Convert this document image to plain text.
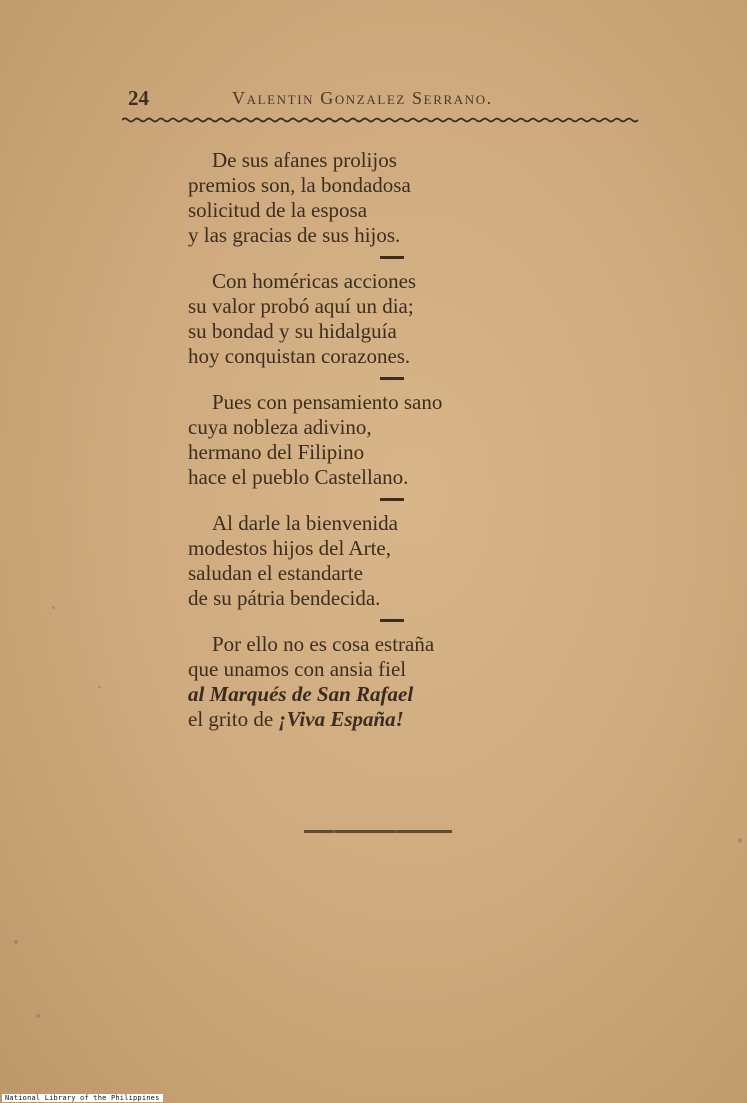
24	Valentin Gonzalez Serrano.
De sus afanes prolijos
premios son, la bondadosa
solicitud de la esposa
y las gracias de sus hijos.
Con homéricas acciones
su valor probó aquí un dia;
su bondad y su hidalguía
hoy conquistan corazones.
Pues con pensamiento sano
cuya nobleza adivino,
hermano del Filipino
hace el pueblo Castellano.
Al darle la bienvenida
modestos hijos del Arte,
saludan el estandarte
de su pátria bendecida.
Por ello no es cosa estraña
que unamos con ansia fiel
al Marqués de San Rafael
el grito de ¡Viva España!
National Library of the Philippines
